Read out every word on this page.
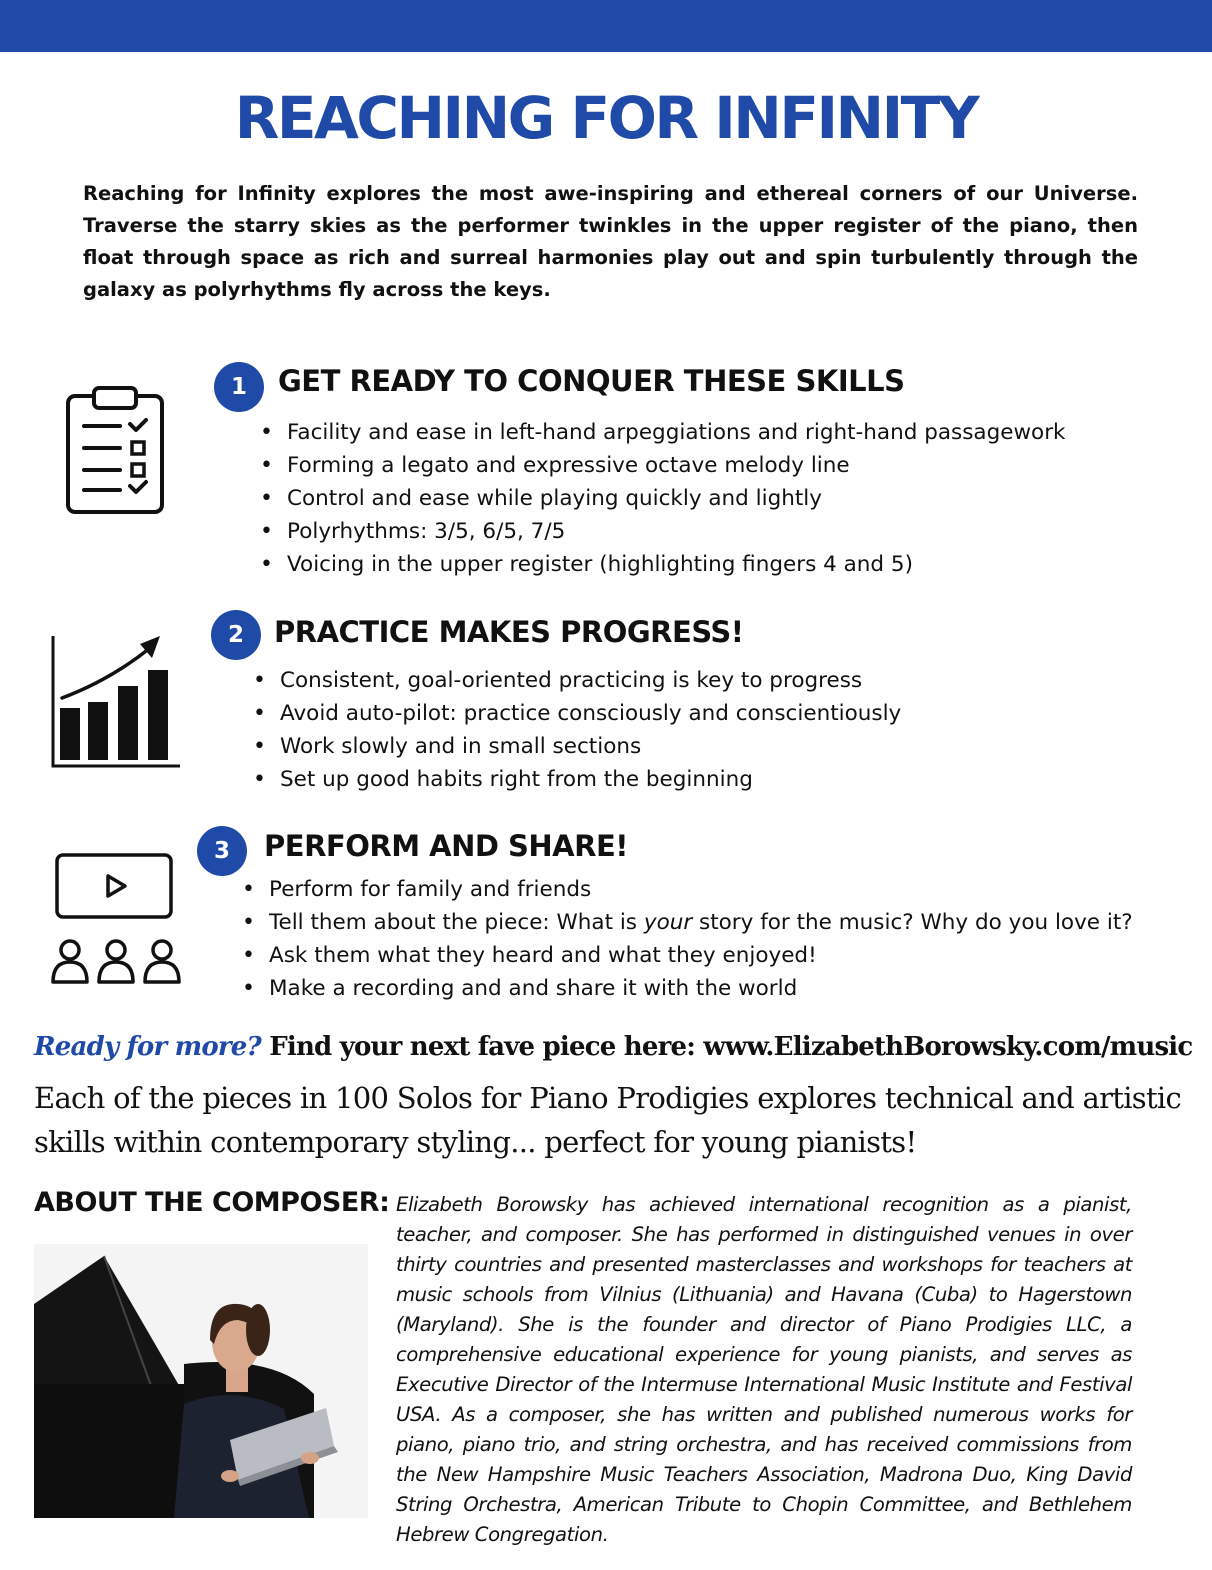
REACHING FOR INFINITY

Reaching for Infinity explores the most awe-inspiring and ethereal corners of our Universe. Traverse the starry skies as the performer twinkles in the upper register of the piano, then float through space as rich and surreal harmonies play out and spin turbulently through the galaxy as polyrhythms fly across the keys.

1	GET READY TO CONQUER THESE SKILLS
• Facility and ease in left-hand arpeggiations and right-hand passagework
• Forming a legato and expressive octave melody line
• Control and ease while playing quickly and lightly
• Polyrhythms: 3/5, 6/5, 7/5
• Voicing in the upper register (highlighting fingers 4 and 5)
2	PRACTICE MAKES PROGRESS!
• Consistent, goal-oriented practicing is key to progress
• Avoid auto-pilot: practice consciously and conscientiously
• Work slowly and in small sections
• Set up good habits right from the beginning
3	PERFORM AND SHARE!
• Perform for family and friends
• Tell them about the piece: What is your story for the music? Why do you love it?
• Ask them what they heard and what they enjoyed!
• Make a recording and and share it with the world
Ready for more? Find your next fave piece here: www.ElizabethBorowsky.com/music

Each of the pieces in 100 Solos for Piano Prodigies explores technical and artistic skills within contemporary styling... perfect for young pianists!

ABOUT THE COMPOSER: Elizabeth Borowsky has achieved international recognition as a pianist, teacher, and composer. She has performed in distinguished venues in over thirty countries and presented masterclasses and workshops for teachers at music schools from Vilnius (Lithuania) and Havana (Cuba) to Hagerstown (Maryland). She is the founder and director of Piano Prodigies LLC, a comprehensive educational experience for young pianists, and serves as Executive Director of the Intermuse International Music Institute and Festival USA. As a composer, she has written and published numerous works for piano, piano trio, and string orchestra, and has received commissions from the New Hampshire Music Teachers Association, Madrona Duo, King David String Orchestra, American Tribute to Chopin Committee, and Bethlehem Hebrew Congregation.
